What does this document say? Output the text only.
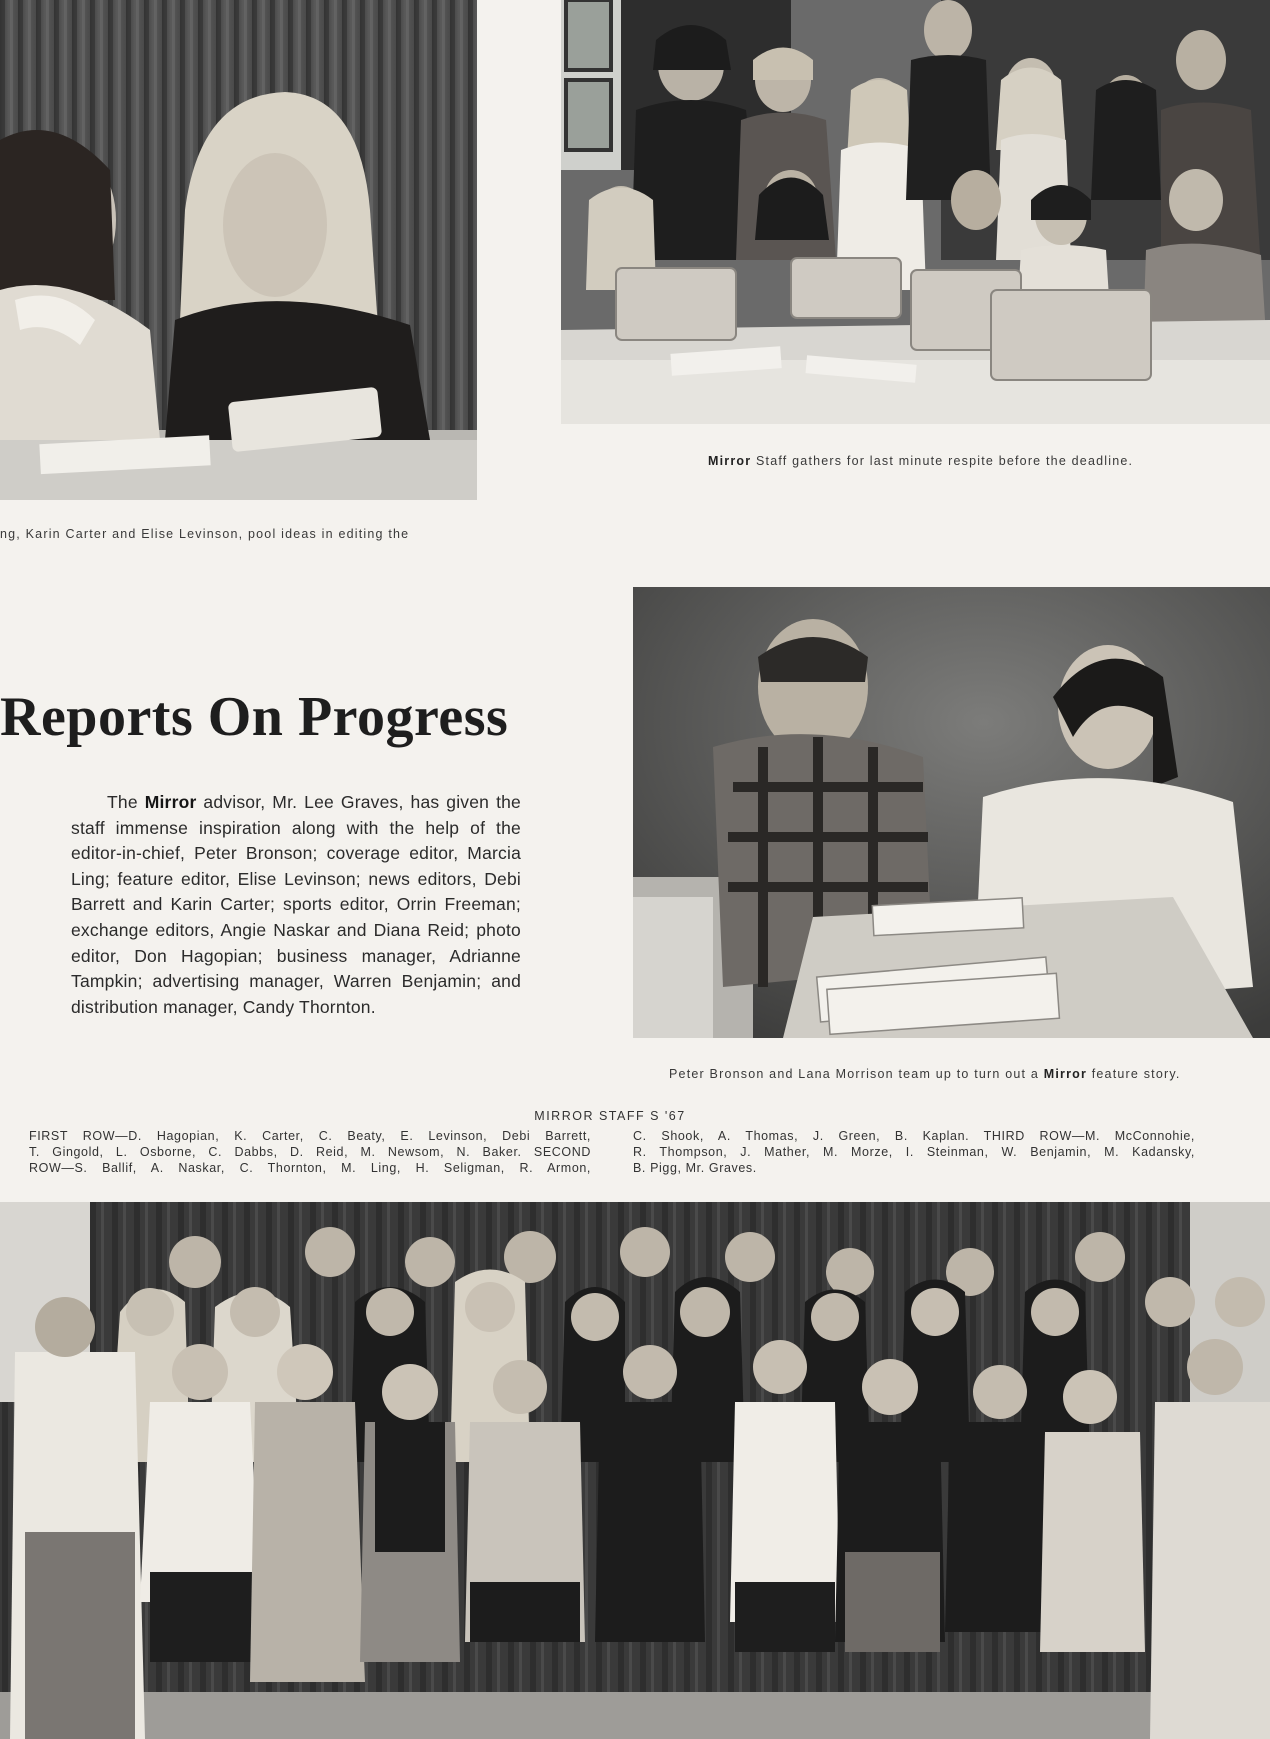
ng, Karin Carter and Elise Levinson, pool ideas in editing the
Mirror Staff gathers for last minute respite before the deadline.
Reports On Progress
The Mirror advisor, Mr. Lee Graves, has given the staff immense inspiration along with the help of the editor-in-chief, Peter Bronson; coverage editor, Marcia Ling; feature editor, Elise Levinson; news editors, Debi Barrett and Karin Carter; sports editor, Orrin Freeman; exchange editors, Angie Naskar and Diana Reid; photo editor, Don Hagopian; business manager, Adrianne Tampkin; advertising manager, Warren Benjamin; and distribution manager, Candy Thornton.
Peter Bronson and Lana Morrison team up to turn out a Mirror feature story.
MIRROR STAFF S '67
FIRST ROW—D. Hagopian, K. Carter, C. Beaty, E. Levinson, Debi Barrett,
T. Gingold, L. Osborne, C. Dabbs, D. Reid, M. Newsom, N. Baker. SECOND
ROW—S. Ballif, A. Naskar, C. Thornton, M. Ling, H. Seligman, R. Armon,
C. Shook, A. Thomas, J. Green, B. Kaplan. THIRD ROW—M. McConnohie,
R. Thompson, J. Mather, M. Morze, I. Steinman, W. Benjamin, M. Kadansky,
B. Pigg, Mr. Graves.
